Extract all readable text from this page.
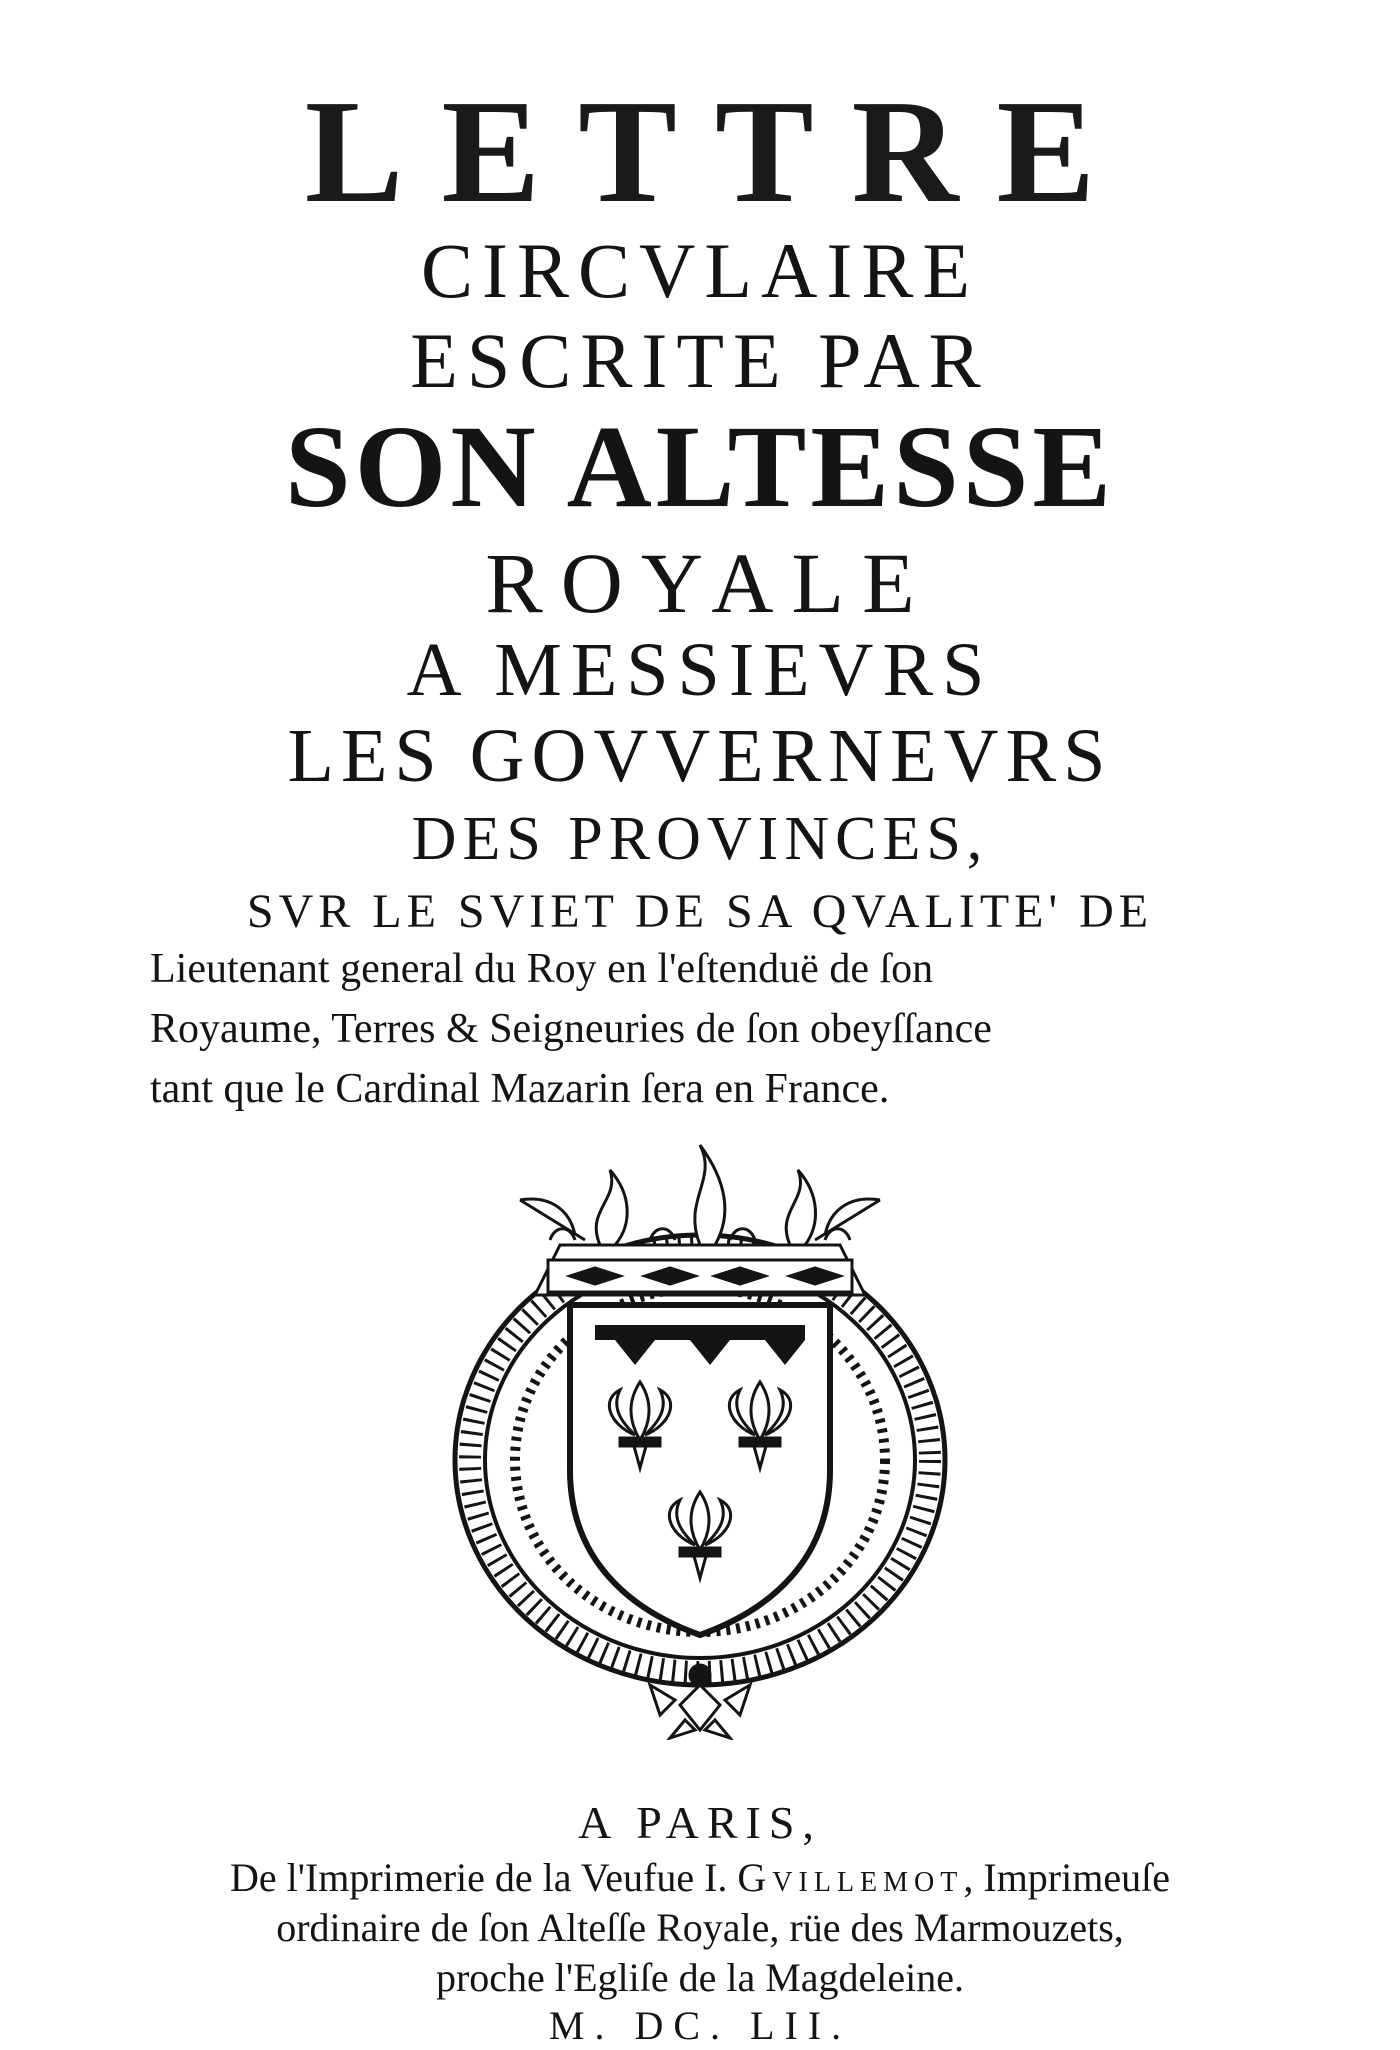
LETTRE
CIRCVLAIRE
ESCRITE PAR
SON ALTESSE
ROYALE
A MESSIEVRS
LES GOVVERNEVRS
DES PROVINCES,
SVR LE SVIET DE SA QVALITE' DE
Lieutenant general du Roy en l'eſtenduë de ſon
Royaume, Terres & Seigneuries de ſon obeyſſance
tant que le Cardinal Mazarin ſera en France.
A PARIS,
De l'Imprimerie de la Veufue I. Gvillemot, Imprimeuſe
ordinaire de ſon Alteſſe Royale, rüe des Marmouzets,
proche l'Egliſe de la Magdeleine.
M. DC. LII.
